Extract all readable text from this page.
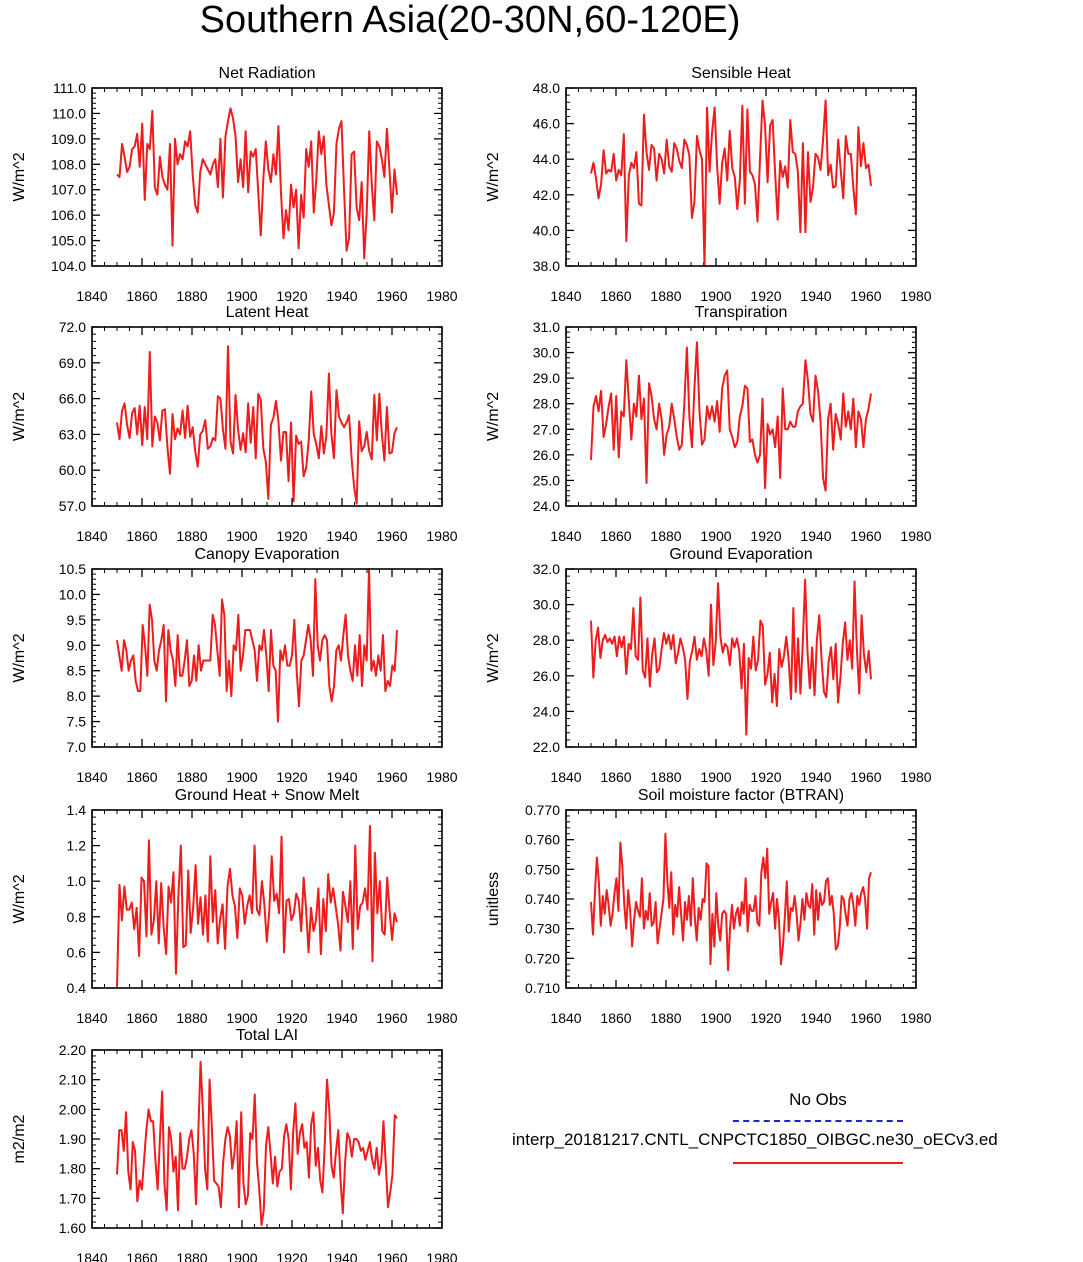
Southern Asia(20-30N,60-120E)
Net Radiation
W/m^2
1840 1860 1880 1900 1920 1940 1960 1980
104.0
105.0
106.0
107.0
108.0
109.0
110.0
111.0
Sensible Heat
W/m^2
1840 1860 1880 1900 1920 1940 1960 1980
38.0
40.0
42.0
44.0
46.0
48.0
Latent Heat
W/m^2
1840 1860 1880 1900 1920 1940 1960 1980
57.0
60.0
63.0
66.0
69.0
72.0
Transpiration
W/m^2
1840 1860 1880 1900 1920 1940 1960 1980
24.0
25.0
26.0
27.0
28.0
29.0
30.0
31.0
Canopy Evaporation
W/m^2
1840 1860 1880 1900 1920 1940 1960 1980
7.0
7.5
8.0
8.5
9.0
9.5
10.0
10.5
Ground Evaporation
W/m^2
1840 1860 1880 1900 1920 1940 1960 1980
22.0
24.0
26.0
28.0
30.0
32.0
Ground Heat + Snow Melt
W/m^2
1840 1860 1880 1900 1920 1940 1960 1980
0.4
0.6
0.8
1.0
1.2
1.4
Soil moisture factor (BTRAN)
unitless
1840 1860 1880 1900 1920 1940 1960 1980
0.710
0.720
0.730
0.740
0.750
0.760
0.770
Total LAI
m2/m2
1840 1860 1880 1900 1920 1940 1960 1980
1.60
1.70
1.80
1.90
2.00
2.10
2.20
No Obs
interp_20181217.CNTL_CNPCTC1850_OIBGC.ne30_oECv3.ed
